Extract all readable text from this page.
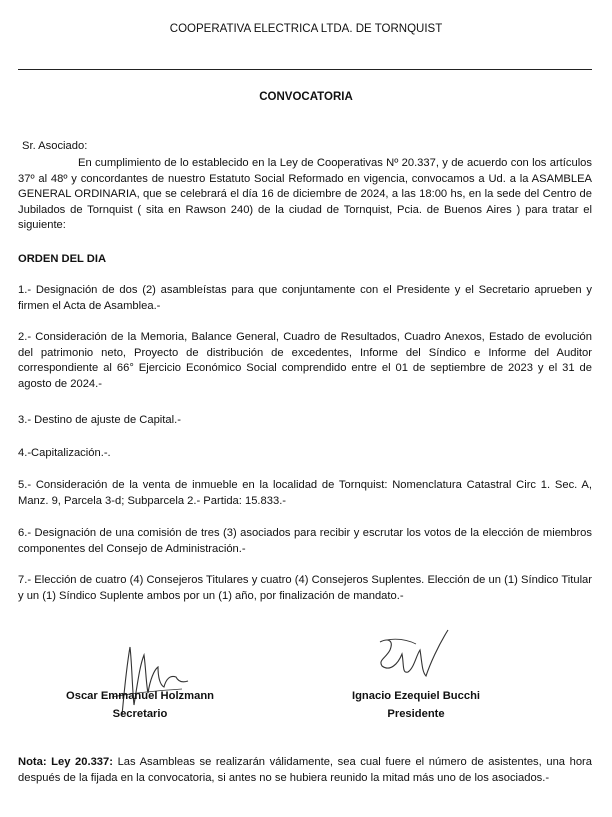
COOPERATIVA ELECTRICA LTDA. DE TORNQUIST
CONVOCATORIA
Sr. Asociado:
En cumplimiento de lo establecido en la Ley de Cooperativas Nº 20.337, y de acuerdo con los artículos 37º al 48º y concordantes de nuestro Estatuto Social Reformado en vigencia, convocamos a Ud. a la ASAMBLEA GENERAL ORDINARIA, que se celebrará el día 16 de diciembre de 2024, a las 18:00 hs, en la sede del Centro de Jubilados de Tornquist ( sita en Rawson 240) de la ciudad de Tornquist, Pcia. de Buenos Aires ) para tratar el siguiente:
ORDEN DEL DIA
1.- Designación de dos (2) asambleístas para que conjuntamente con el Presidente y el Secretario aprueben y firmen el Acta de Asamblea.-
2.- Consideración de la Memoria, Balance General, Cuadro de Resultados, Cuadro Anexos, Estado de evolución del patrimonio neto, Proyecto de distribución de excedentes, Informe del Síndico e Informe del Auditor correspondiente al 66° Ejercicio Económico Social comprendido entre el 01 de septiembre de 2023 y el 31 de agosto de 2024.-
3.- Destino de ajuste de Capital.-
4.-Capitalización.-.
5.- Consideración de la venta de inmueble en la localidad de Tornquist: Nomenclatura Catastral Circ 1. Sec. A, Manz. 9, Parcela 3-d; Subparcela 2.- Partida: 15.833.-
6.- Designación de una comisión de tres (3) asociados para recibir y escrutar los votos de la elección de miembros componentes del Consejo de Administración.-
7.- Elección de cuatro (4) Consejeros Titulares y cuatro (4) Consejeros Suplentes. Elección de un (1) Síndico Titular y un (1) Síndico Suplente ambos por un (1) año, por finalización de mandato.-
Oscar Emmanuel Holzmann
Secretario
Ignacio Ezequiel Bucchi
Presidente
Nota: Ley 20.337: Las Asambleas se realizarán válidamente, sea cual fuere el número de asistentes, una hora después de la fijada en la convocatoria, si antes no se hubiera reunido la mitad más uno de los asociados.-
